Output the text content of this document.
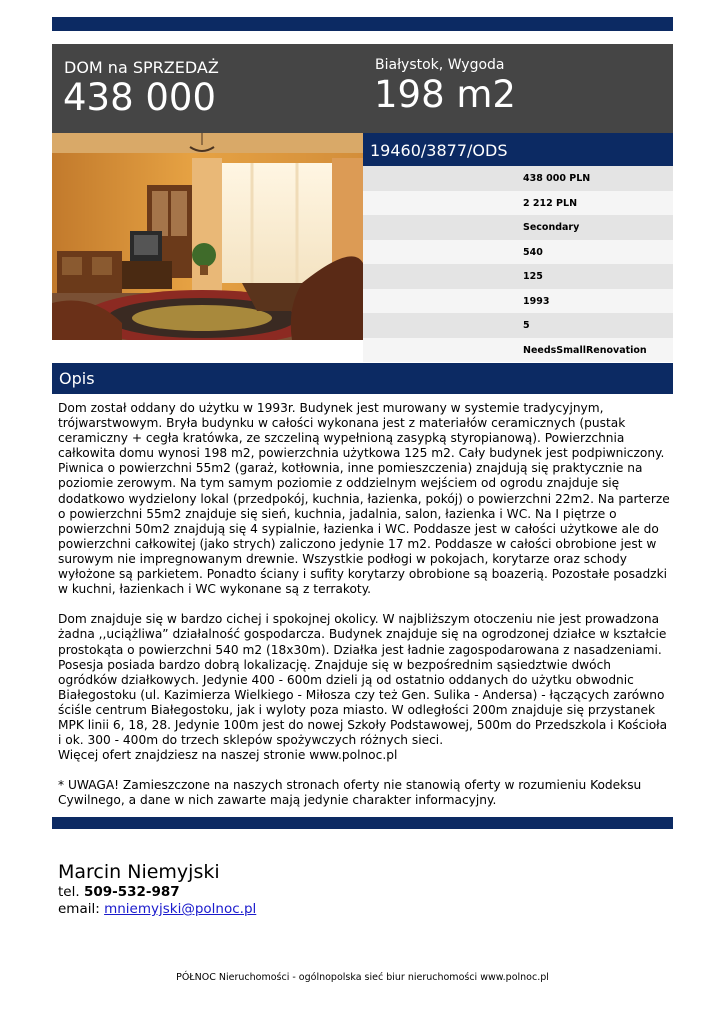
DOM na SPRZEDAŻ
438 000
Białystok, Wygoda
198 m2
19460/3877/ODS
438 000 PLN
2 212 PLN
Secondary
540
125
1993
5
NeedsSmallRenovation
Opis

Dom został oddany do użytku w 1993r. Budynek jest murowany w systemie tradycyjnym, trójwarstwowym. Bryła budynku w całości wykonana jest z materiałów ceramicznych (pustak ceramiczny + cegła kratówka, ze szczeliną wypełnioną zasypką styropianową). Powierzchnia całkowita domu wynosi 198 m2, powierzchnia użytkowa 125 m2. Cały budynek jest podpiwniczony. Piwnica o powierzchni 55m2 (garaż, kotłownia, inne pomieszczenia) znajdują się praktycznie na poziomie zerowym. Na tym samym poziomie z oddzielnym wejściem od ogrodu znajduje się dodatkowo wydzielony lokal (przedpokój, kuchnia, łazienka, pokój) o powierzchni 22m2. Na parterze o powierzchni 55m2 znajduje się sień, kuchnia, jadalnia, salon, łazienka i WC. Na I piętrze o powierzchni 50m2 znajdują się 4 sypialnie, łazienka i WC. Poddasze jest w całości użytkowe ale do powierzchni całkowitej (jako strych) zaliczono jedynie 17 m2. Poddasze w całości obrobione jest w surowym nie impregnowanym drewnie. Wszystkie podłogi w pokojach, korytarze oraz schody wyłożone są parkietem. Ponadto ściany i sufity korytarzy obrobione są boazerią. Pozostałe posadzki w kuchni, łazienkach i WC wykonane są z terrakoty.

Dom znajduje się w bardzo cichej i spokojnej okolicy. W najbliższym otoczeniu nie jest prowadzona żadna ,,uciążliwa” działalność gospodarcza. Budynek znajduje się na ogrodzonej działce w kształcie prostokąta o powierzchni 540 m2 (18x30m). Działka jest ładnie zagospodarowana z nasadzeniami. Posesja posiada bardzo dobrą lokalizację. Znajduje się w bezpośrednim sąsiedztwie dwóch ogródków działkowych. Jedynie 400 - 600m dzieli ją od ostatnio oddanych do użytku obwodnic Białegostoku (ul. Kazimierza Wielkiego - Miłosza czy też Gen. Sulika - Andersa) - łączących zarówno ściśle centrum Białegostoku, jak i wyloty poza miasto. W odległości 200m znajduje się przystanek MPK linii 6, 18, 28. Jedynie 100m jest do nowej Szkoły Podstawowej, 500m do Przedszkola i Kościoła i ok. 300 - 400m do trzech sklepów spożywczych różnych sieci.
Więcej ofert znajdziesz na naszej stronie www.polnoc.pl

* UWAGA! Zamieszczone na naszych stronach oferty nie stanowią oferty w rozumieniu Kodeksu Cywilnego, a dane w nich zawarte mają jedynie charakter informacyjny.

Marcin Niemyjski
tel. 509-532-987
email: mniemyjski@polnoc.pl
PÓŁNOC Nieruchomości - ogólnopolska sieć biur nieruchomości www.polnoc.pl
